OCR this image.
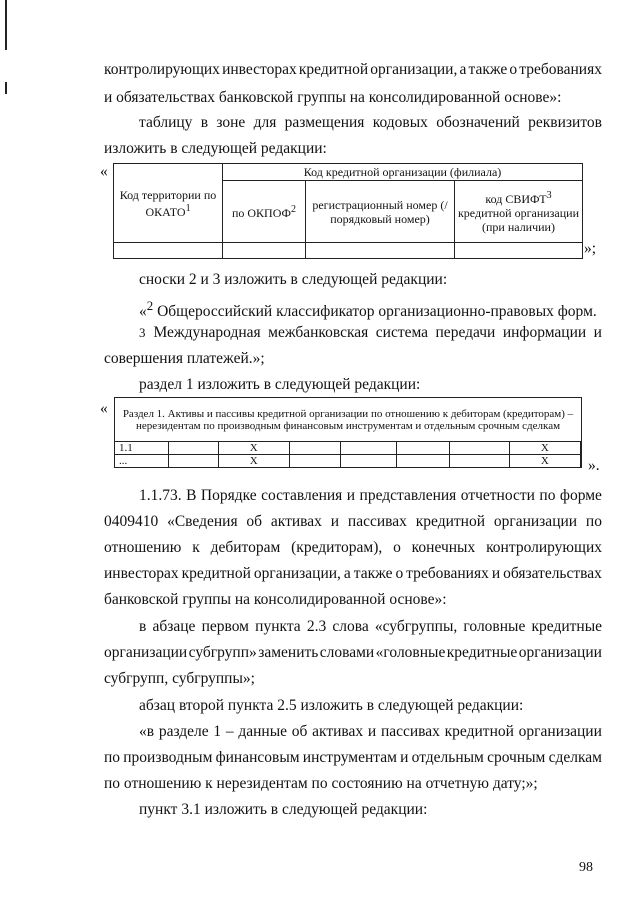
контролирующих инвесторах кредитной организации, а также о требованиях
и обязательствах банковской группы на консолидированной основе»:
таблицу в зоне для размещения кодовых обозначений реквизитов
изложить в следующей редакции:
«
Код территории по ОКАТО$^1$	Код кредитной организации (филиала)		
	по ОКПОФ$^2$	регистрационный номер (/ порядковый номер)	код СВИФТ$^3$
кредитной организации (при наличии)

»;
сноски 2 и 3 изложить в следующей редакции:
«$^2$ Общероссийский классификатор организационно-правовых форм.
3 Международная межбанковская система передачи информации и
совершения платежей.»;
раздел 1 изложить в следующей редакции:
« Раздел 1. Активы и пассивы кредитной организации по отношению к дебиторам (кредиторам) – нерезидентам по производным финансовым инструментам и отдельным срочным сделкам								
1.1		X					X	
...		X					X		».
1.1.73. В Порядке составления и представления отчетности по форме
0409410 «Сведения об активах и пассивах кредитной организации по
отношению к дебиторам (кредиторам), о конечных контролирующих
инвесторах кредитной организации, а также о требованиях и обязательствах
банковской группы на консолидированной основе»:
в абзаце первом пункта 2.3 слова «субгруппы, головные кредитные
организации субгрупп» заменить словами «головные кредитные организации
субгрупп, субгруппы»;
абзац второй пункта 2.5 изложить в следующей редакции:
«в разделе 1 – данные об активах и пассивах кредитной организации
по производным финансовым инструментам и отдельным срочным сделкам
по отношению к нерезидентам по состоянию на отчетную дату;»;
пункт 3.1 изложить в следующей редакции:
98
